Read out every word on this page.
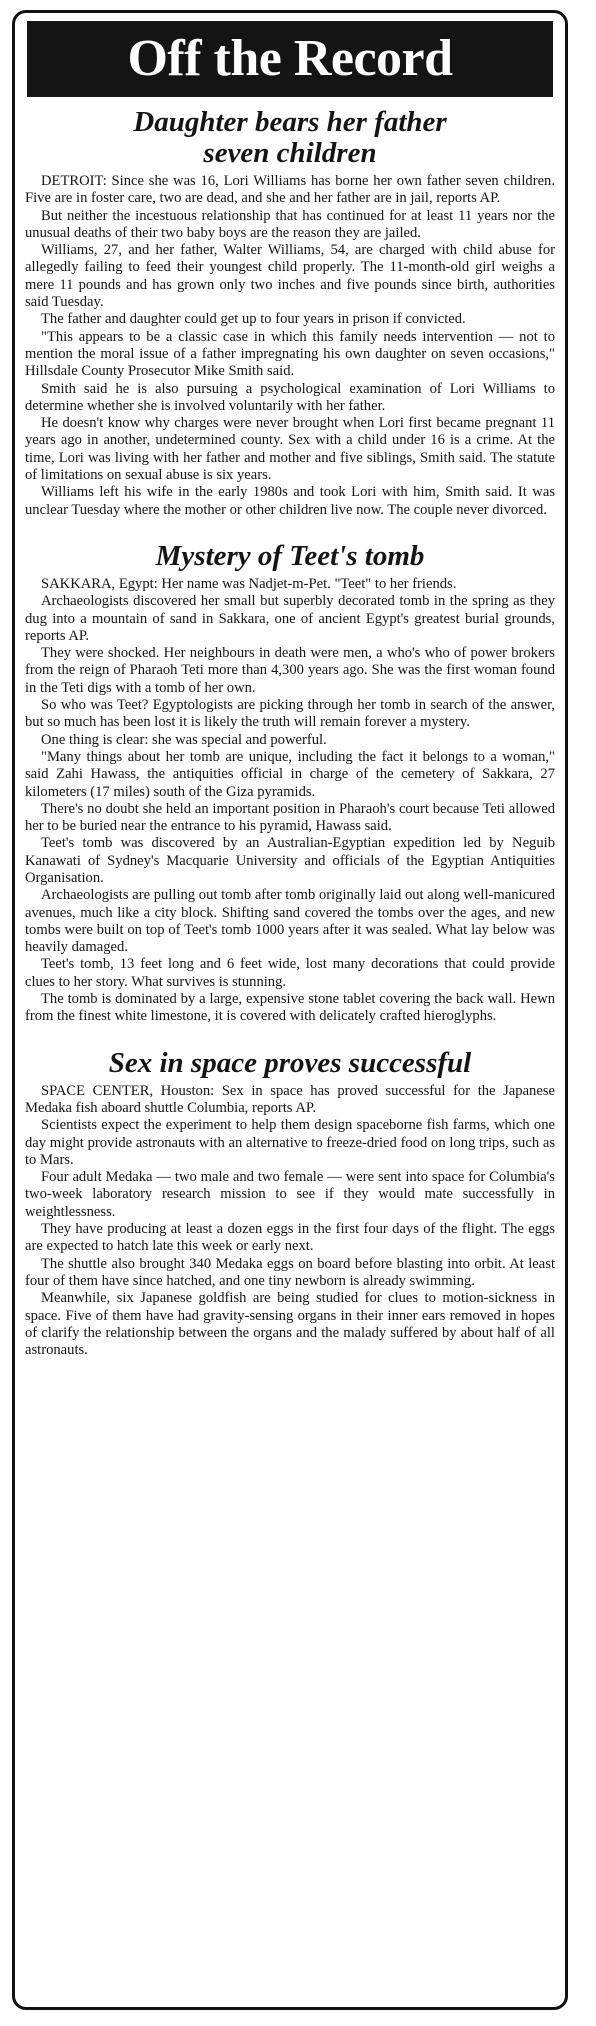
Off the Record
Daughter bears her father
seven children

DETROIT: Since she was 16, Lori Williams has borne her own father seven children. Five are in foster care, two are dead, and she and her father are in jail, reports AP.

But neither the incestuous relationship that has continued for at least 11 years nor the unusual deaths of their two baby boys are the reason they are jailed.

Williams, 27, and her father, Walter Williams, 54, are charged with child abuse for allegedly failing to feed their youngest child properly. The 11-month-old girl weighs a mere 11 pounds and has grown only two inches and five pounds since birth, authorities said Tuesday.

The father and daughter could get up to four years in prison if convicted.

"This appears to be a classic case in which this family needs intervention — not to mention the moral issue of a father impregnating his own daughter on seven occasions," Hillsdale County Prosecutor Mike Smith said.

Smith said he is also pursuing a psychological examination of Lori Williams to determine whether she is involved voluntarily with her father.

He doesn't know why charges were never brought when Lori first became pregnant 11 years ago in another, undetermined county. Sex with a child under 16 is a crime. At the time, Lori was living with her father and mother and five siblings, Smith said. The statute of limitations on sexual abuse is six years.

Williams left his wife in the early 1980s and took Lori with him, Smith said. It was unclear Tuesday where the mother or other children live now. The couple never divorced.

Mystery of Teet's tomb

SAKKARA, Egypt: Her name was Nadjet-m-Pet. "Teet" to her friends.

Archaeologists discovered her small but superbly decorated tomb in the spring as they dug into a mountain of sand in Sakkara, one of ancient Egypt's greatest burial grounds, reports AP.

They were shocked. Her neighbours in death were men, a who's who of power brokers from the reign of Pharaoh Teti more than 4,300 years ago. She was the first woman found in the Teti digs with a tomb of her own.

So who was Teet? Egyptologists are picking through her tomb in search of the answer, but so much has been lost it is likely the truth will remain forever a mystery.

One thing is clear: she was special and powerful.

"Many things about her tomb are unique, including the fact it belongs to a woman," said Zahi Hawass, the antiquities official in charge of the cemetery of Sakkara, 27 kilometers (17 miles) south of the Giza pyramids.

There's no doubt she held an important position in Pharaoh's court because Teti allowed her to be buried near the entrance to his pyramid, Hawass said.

Teet's tomb was discovered by an Australian-Egyptian expedition led by Neguib Kanawati of Sydney's Macquarie University and officials of the Egyptian Antiquities Organisation.

Archaeologists are pulling out tomb after tomb originally laid out along well-manicured avenues, much like a city block. Shifting sand covered the tombs over the ages, and new tombs were built on top of Teet's tomb 1000 years after it was sealed. What lay below was heavily damaged.

Teet's tomb, 13 feet long and 6 feet wide, lost many decorations that could provide clues to her story. What survives is stunning.

The tomb is dominated by a large, expensive stone tablet covering the back wall. Hewn from the finest white limestone, it is covered with delicately crafted hieroglyphs.

Sex in space proves successful

SPACE CENTER, Houston: Sex in space has proved successful for the Japanese Medaka fish aboard shuttle Columbia, reports AP.

Scientists expect the experiment to help them design spaceborne fish farms, which one day might provide astronauts with an alternative to freeze-dried food on long trips, such as to Mars.

Four adult Medaka — two male and two female — were sent into space for Columbia's two-week laboratory research mission to see if they would mate successfully in weightlessness.

They have producing at least a dozen eggs in the first four days of the flight. The eggs are expected to hatch late this week or early next.

The shuttle also brought 340 Medaka eggs on board before blasting into orbit. At least four of them have since hatched, and one tiny newborn is already swimming.

Meanwhile, six Japanese goldfish are being studied for clues to motion-sickness in space. Five of them have had gravity-sensing organs in their inner ears removed in hopes of clarify the relationship between the organs and the malady suffered by about half of all astronauts.
